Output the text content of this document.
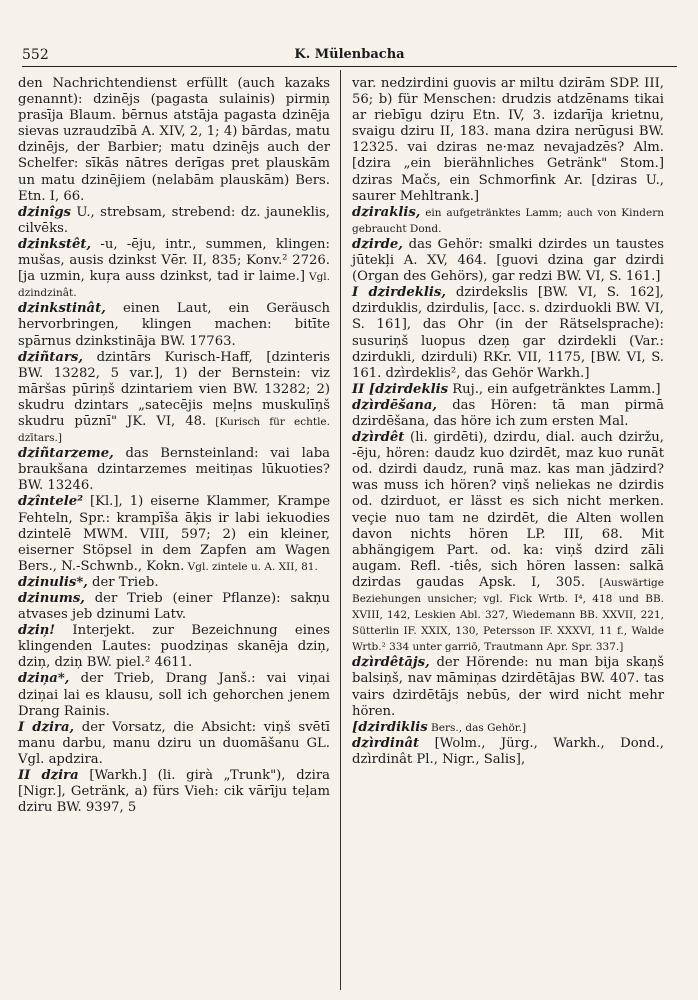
552	K. Mülenbacha

den Nachrichtendienst erfüllt (auch kazaks genannt): dzinējs (pagasta sulainis) pirmiņ prasīja Blaum. bērnus atstāja pagasta dzinēja sievas uzraudzībā A. XIV, 2, 1; 4) bārdas, matu dzinējs, der Barbier; matu dzinējs auch der Schelfer: sīkās nātres derīgas pret plauskām un matu dzinējiem (nelabām plauskām) Bers. Etn. I, 66.

dzinîgs U., strebsam, strebend: dz. jauneklis, cilvēks.

dzinkstêt, -u, -ēju, intr., summen, klingen: mušas, ausis dzinkst Vēr. II, 835; Konv.² 2726. [ja uzmin, kuŗa auss dzinkst, tad ir laime.] Vgl. dzindzinât.

dzinkstinât, einen Laut, ein Geräusch hervorbringen, klingen machen: bitīte spārnus dzinkstināja BW. 17763.

dziñtars, dzintārs Kurisch-Haff, [dzinteris BW. 13282, 5 var.], 1) der Bernstein: viz māršas pūriņš dzintariem vien BW. 13282; 2) skudru dzintars „satecējis meļns muskulīņš skudru pūznī" JK. VI, 48. [Kurisch für echtle. dzītars.]

dziñtarzeme, das Bernsteinland: vai laba braukšana dzintarzemes meitiņas lūkuoties? BW. 13246.

dzîntele² [Kl.], 1) eiserne Klammer, Krampe Fehteln, Spr.: krampīša āķis ir labi iekuodies dzintelē MWM. VIII, 597; 2) ein kleiner, eiserner Stöpsel in dem Zapfen am Wagen Bers., N.-Schwnb., Kokn. Vgl. zintele u. A. XII, 81.

dzinulis*, der Trieb.

dzinums, der Trieb (einer Pflanze): sakņu atvases jeb dzinumi Latv.

dziņ! Interjekt. zur Bezeichnung eines klingenden Lautes: puodziņas skanēja dziņ, dziņ, dziņ BW. piel.² 4611.

dziņa*, der Trieb, Drang Janš.: vai viņai dziņai lai es klausu, soll ich gehorchen jenem Drang Rainis.

I dzira, der Vorsatz, die Absicht: viņš svētī manu darbu, manu dziru un duomāšanu GL. Vgl. apdzira.

II dzira [Warkh.] (li. girà „Trunk"), dzira [Nigr.], Getränk, a) fürs Vieh: cik vārīju teļam dziru BW. 9397, 5

var. nedzirdini guovis ar miltu dzirām SDP. III, 56; b) für Menschen: drudzis atdzēnams tikai ar riebīgu dziŗu Etn. IV, 3. izdarīja krietnu, svaigu dziru II, 183. mana dzira nerūgusi BW. 12325. vai dziras ne·maz nevajadzēs? Alm. [dzira „ein bierähnliches Getränk" Stom.] dziras Mačs, ein Schmorfink Ar. [dziras U., saurer Mehltrank.]

dziraklis, ein aufgetränktes Lamm; auch von Kindern gebraucht Dond.

dzirde, das Gehör: smalki dzirdes un taustes jūtekļi A. XV, 464. [guovi dzina gar dzirdi (Organ des Gehörs), gar redzi BW. VI, S. 161.]

I dzirdeklis, dzirdekslis [BW. VI, S. 162], dzirduklis, dzirdulis, [acc. s. dzirduokli BW. VI, S. 161], das Ohr (in der Rätselsprache): susuriņš luopus dzeņ gar dzirdekli (Var.: dzirdukli, dzirduli) RKr. VII, 1175, [BW. VI, S. 161. dzìrdeklis², das Gehör Warkh.]

II [dzirdeklis Ruj., ein aufgetränktes Lamm.]

dzìrdēšana, das Hören: tā man pirmā dzirdēšana, das höre ich zum ersten Mal.

dzìrdêt (li. girdēti), dzirdu, dial. auch dziržu, -ēju, hören: daudz kuo dzirdēt, maz kuo runāt od. dzirdi daudz, runā maz. kas man jādzird? was muss ich hören? viņš neliekas ne dzirdis od. dzirduot, er lässt es sich nicht merken. veçie nuo tam ne dzirdēt, die Alten wollen davon nichts hören LP. III, 68. Mit abhängigem Part. od. ka: viņš dzird zāli augam. Refl. -tiês, sich hören lassen: salkā dzirdas gaudas Apsk. I, 305. [Auswärtige Beziehungen unsicher; vgl. Fick Wrtb. I⁴, 418 und BB. XVIII, 142, Leskien Abl. 327, Wiedemann BB. XXVII, 221, Sütterlin IF. XXIX, 130, Petersson IF. XXXVI, 11 f., Walde Wrtb.² 334 unter garriō, Trautmann Apr. Spr. 337.]

dzìrdêtājs, der Hörende: nu man bija skaņš balsiņš, nav māmiņas dzirdētājas BW. 407. tas vairs dzirdētājs nebūs, der wird nicht mehr hören.

[dzirdiklis Bers., das Gehör.]

dzìrdinât [Wolm., Jürg., Warkh., Dond., dzìrdinât Pl., Nigr., Salis],
